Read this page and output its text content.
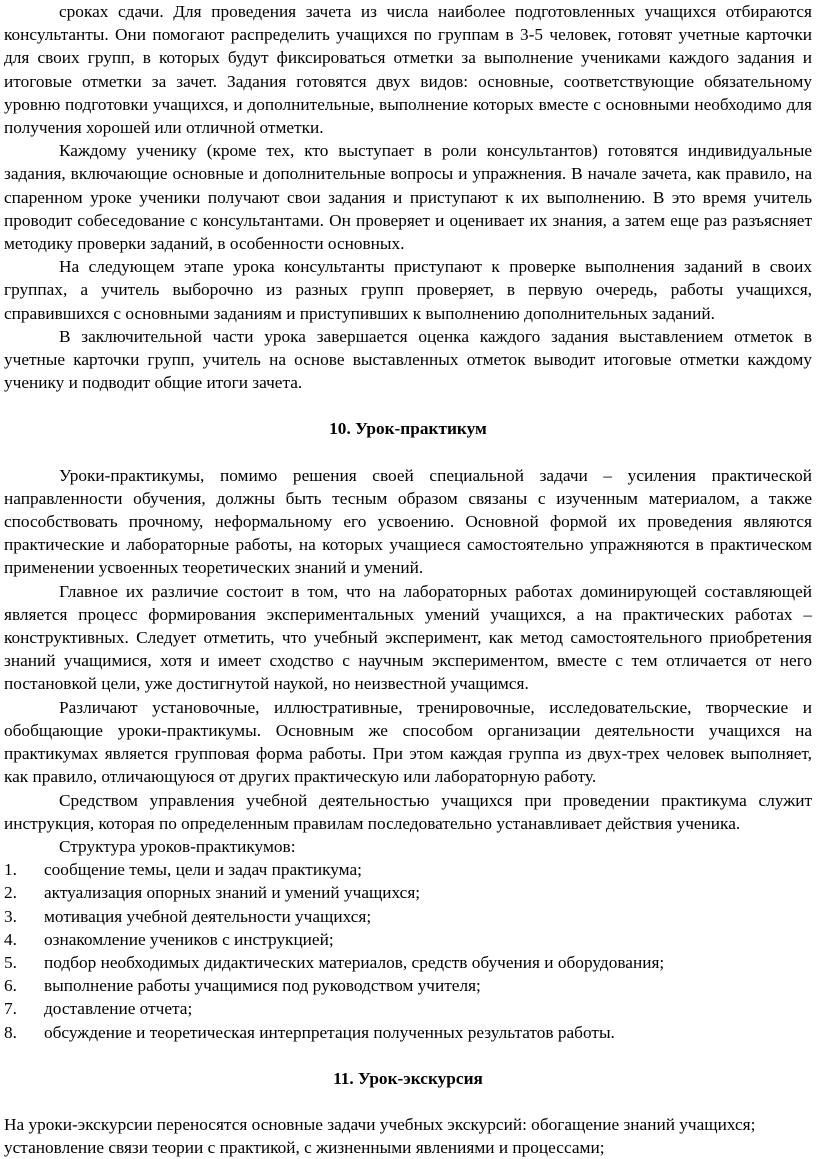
сроках сдачи. Для проведения зачета из числа наиболее подготовленных учащихся отбираются консультанты. Они помогают распределить учащихся по группам в 3-5 человек, готовят учетные карточки для своих групп, в которых будут фиксироваться отметки за выполнение учениками каждого задания и итоговые отметки за зачет. Задания готовятся двух видов: основные, соответствующие обязательному уровню подготовки учащихся, и дополнительные, выполнение которых вместе с основными необходимо для получения хорошей или отличной отметки.

Каждому ученику (кроме тех, кто выступает в роли консультантов) готовятся индивидуальные задания, включающие основные и дополнительные вопросы и упражнения. В начале зачета, как правило, на спаренном уроке ученики получают свои задания и приступают к их выполнению. В это время учитель проводит собеседование с консультантами. Он проверяет и оценивает их знания, а затем еще раз разъясняет методику проверки заданий, в особенности основных.

На следующем этапе урока консультанты приступают к проверке выполнения заданий в своих группах, а учитель выборочно из разных групп проверяет, в первую очередь, работы учащихся, справившихся с основными заданиям и приступивших к выполнению дополнительных заданий.

В заключительной части урока завершается оценка каждого задания выставлением отметок в учетные карточки групп, учитель на основе выставленных отметок выводит итоговые отметки каждому ученику и подводит общие итоги зачета.

10. Урок-практикум

Уроки-практикумы, помимо решения своей специальной задачи – усиления практической направленности обучения, должны быть тесным образом связаны с изученным материалом, а также способствовать прочному, неформальному его усвоению. Основной формой их проведения являются практические и лабораторные работы, на которых учащиеся самостоятельно упражняются в практическом применении усвоенных теоретических знаний и умений.

Главное их различие состоит в том, что на лабораторных работах доминирующей составляющей является процесс формирования экспериментальных умений учащихся, а на практических работах – конструктивных. Следует отметить, что учебный эксперимент, как метод самостоятельного приобретения знаний учащимися, хотя и имеет сходство с научным экспериментом, вместе с тем отличается от него постановкой цели, уже достигнутой наукой, но неизвестной учащимся.

Различают установочные, иллюстративные, тренировочные, исследовательские, творческие и обобщающие уроки-практикумы. Основным же способом организации деятельности учащихся на практикумах является групповая форма работы. При этом каждая группа из двух-трех человек выполняет, как правило, отличающуюся от других практическую или лабораторную работу.

Средством управления учебной деятельностью учащихся при проведении практикума служит инструкция, которая по определенным правилам последовательно устанавливает действия ученика.

Структура уроков-практикумов:

1. сообщение темы, цели и задач практикума;
2. актуализация опорных знаний и умений учащихся;
3. мотивация учебной деятельности учащихся;
4. ознакомление учеников с инструкцией;
5. подбор необходимых дидактических материалов, средств обучения и оборудования;
6. выполнение работы учащимися под руководством учителя;
7. доставление отчета;
8. обсуждение и теоретическая интерпретация полученных результатов работы.
11. Урок-экскурсия

На уроки-экскурсии переносятся основные задачи учебных экскурсий: обогащение знаний учащихся; установление связи теории с практикой, с жизненными явлениями и процессами;
